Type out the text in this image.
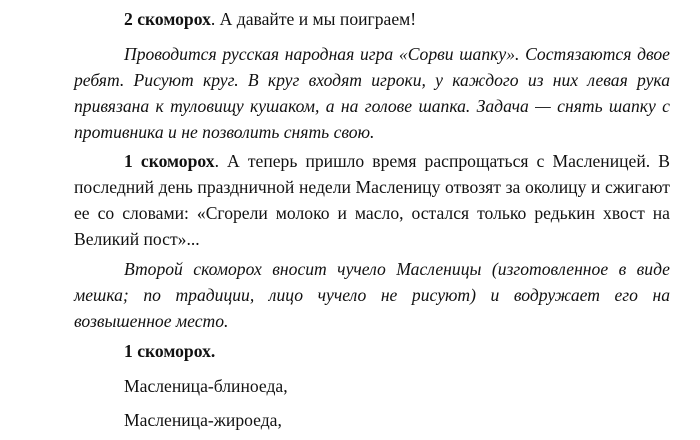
2 скоморох. А давайте и мы поиграем!

Проводится русская народная игра «Сорви шапку». Состязаются двое ребят. Рисуют круг. В круг входят игроки, у каждого из них левая рука привязана к туловищу кушаком, а на голове шапка. Задача — снять шапку с противника и не позволить снять свою.

1 скоморох. А теперь пришло время распрощаться с Масленицей. В последний день праздничной недели Масленицу отвозят за околицу и сжигают ее со словами: «Сгорели молоко и масло, остался только редькин хвост на Великий пост»...

Второй скоморох вносит чучело Масленицы (изготовленное в виде мешка; по традиции, лицо чучело не рисуют) и водружает его на возвышенное место.

1 скоморох.

Масленица-блиноеда,

Масленица-жироеда,
